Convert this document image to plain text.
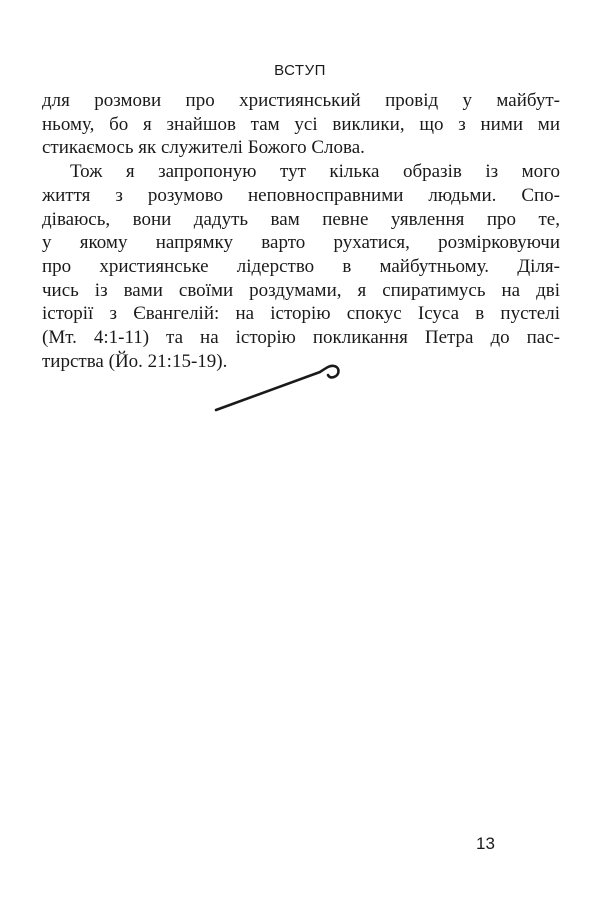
ВСТУП

для розмови про християнський провід у майбут-
ньому, бо я знайшов там усі виклики, що з ними ми
стикаємось як служителі Божого Слова.

Тож я запропоную тут кілька образів із мого
життя з розумово неповносправними людьми. Спо-
діваюсь, вони дадуть вам певне уявлення про те,
у якому напрямку варто рухатися, розмірковуючи
про християнське лідерство в майбутньому. Діля-
чись із вами своїми роздумами, я спиратимусь на дві
історії з Євангелій: на історію спокус Ісуса в пустелі
(Мт. 4:1-11) та на історію покликання Петра до пас-
тирства (Йо. 21:15-19).

13
